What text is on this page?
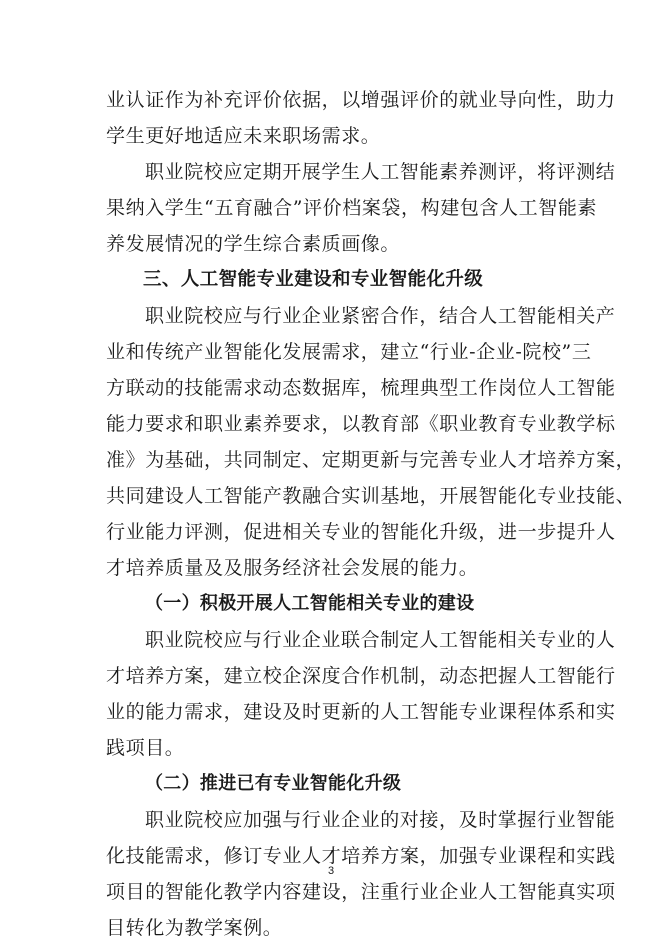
业认证作为补充评价依据，以增强评价的就业导向性，助力
学生更好地适应未来职场需求。
职业院校应定期开展学生人工智能素养测评，将评测结
果纳入学生“五育融合”评价档案袋，构建包含人工智能素
养发展情况的学生综合素质画像。
三、人工智能专业建设和专业智能化升级
职业院校应与行业企业紧密合作，结合人工智能相关产
业和传统产业智能化发展需求，建立“行业-企业-院校”三
方联动的技能需求动态数据库，梳理典型工作岗位人工智能
能力要求和职业素养要求，以教育部《职业教育专业教学标
准》为基础，共同制定、定期更新与完善专业人才培养方案，
共同建设人工智能产教融合实训基地，开展智能化专业技能、
行业能力评测，促进相关专业的智能化升级，进一步提升人
才培养质量及及服务经济社会发展的能力。
（一）积极开展人工智能相关专业的建设
职业院校应与行业企业联合制定人工智能相关专业的人
才培养方案，建立校企深度合作机制，动态把握人工智能行
业的能力需求，建设及时更新的人工智能专业课程体系和实
践项目。
（二）推进已有专业智能化升级
职业院校应加强与行业企业的对接，及时掌握行业智能
化技能需求，修订专业人才培养方案，加强专业课程和实践
项目的智能化教学内容建设，注重行业企业人工智能真实项
目转化为教学案例。
3
